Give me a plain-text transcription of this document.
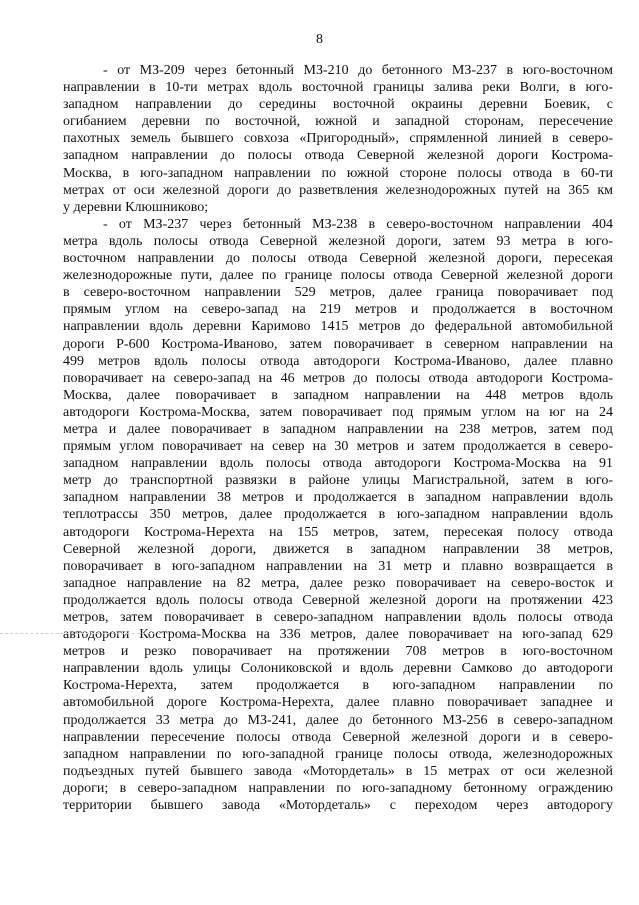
8
- от МЗ-209 через бетонный МЗ-210 до бетонного МЗ-237 в юго-восточном
направлении в 10-ти метрах вдоль восточной границы залива реки Волги, в юго-
западном направлении до середины восточной окраины деревни Боевик, с
огибанием деревни по восточной, южной и западной сторонам, пересечение
пахотных земель бывшего совхоза «Пригородный», спрямленной линией в северо-
западном направлении до полосы отвода Северной железной дороги Кострома-
Москва, в юго-западном направлении по южной стороне полосы отвода в 60-ти
метрах от оси железной дороги до разветвления железнодорожных путей на 365 км
у деревни Клюшниково;
- от МЗ-237 через бетонный МЗ-238 в северо-восточном направлении 404
метра вдоль полосы отвода Северной железной дороги, затем 93 метра в юго-
восточном направлении до полосы отвода Северной железной дороги, пересекая
железнодорожные пути, далее по границе полосы отвода Северной железной дороги
в северо-восточном направлении 529 метров, далее граница поворачивает под
прямым углом на северо-запад на 219 метров и продолжается в восточном
направлении вдоль деревни Каримово 1415 метров до федеральной автомобильной
дороги Р-600 Кострома-Иваново, затем поворачивает в северном направлении на
499 метров вдоль полосы отвода автодороги Кострома-Иваново, далее плавно
поворачивает на северо-запад на 46 метров до полосы отвода автодороги Кострома-
Москва, далее поворачивает в западном направлении на 448 метров вдоль
автодороги Кострома-Москва, затем поворачивает под прямым углом на юг на 24
метра и далее поворачивает в западном направлении на 238 метров, затем под
прямым углом поворачивает на север на 30 метров и затем продолжается в северо-
западном направлении вдоль полосы отвода автодороги Кострома-Москва на 91
метр до транспортной развязки в районе улицы Магистральной, затем в юго-
западном направлении 38 метров и продолжается в западном направлении вдоль
теплотрассы 350 метров, далее продолжается в юго-западном направлении вдоль
автодороги Кострома-Нерехта на 155 метров, затем, пересекая полосу отвода
Северной железной дороги, движется в западном направлении 38 метров,
поворачивает в юго-западном направлении на 31 метр и плавно возвращается в
западное направление на 82 метра, далее резко поворачивает на северо-восток и
продолжается вдоль полосы отвода Северной железной дороги на протяжении 423
метров, затем поворачивает в северо-западном направлении вдоль полосы отвода
автодороги Кострома-Москва на 336 метров, далее поворачивает на юго-запад 629
метров и резко поворачивает на протяжении 708 метров в юго-восточном
направлении вдоль улицы Солониковской и вдоль деревни Самково до автодороги
Кострома-Нерехта, затем продолжается в юго-западном направлении по
автомобильной дороге Кострома-Нерехта, далее плавно поворачивает западнее и
продолжается 33 метра до МЗ-241, далее до бетонного МЗ-256 в северо-западном
направлении пересечение полосы отвода Северной железной дороги и в северо-
западном направлении по юго-западной границе полосы отвода, железнодорожных
подъездных путей бывшего завода «Мотордеталь» в 15 метрах от оси железной
дороги; в северо-западном направлении по юго-западному бетонному ограждению
территории бывшего завода «Мотордеталь» с переходом через автодорогу
